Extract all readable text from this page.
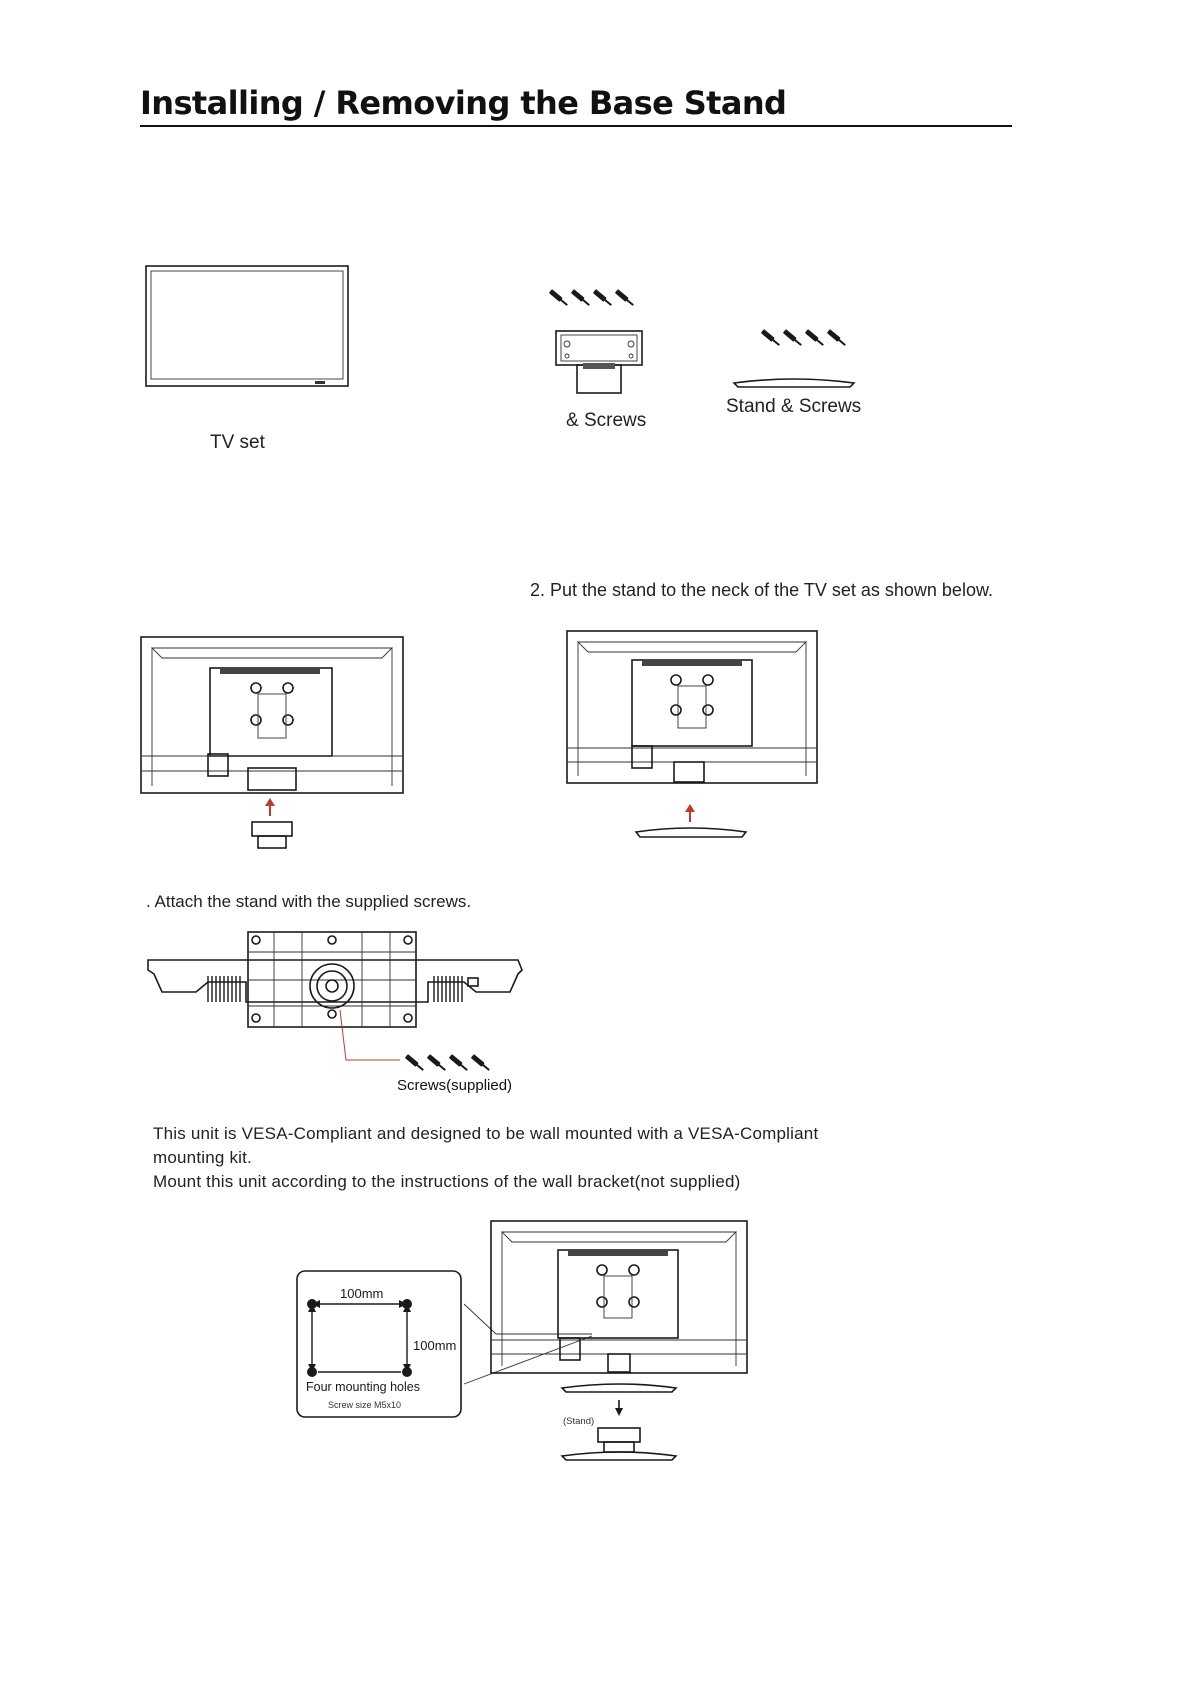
Installing / Removing the Base Stand
TV set
& Screws
Stand & Screws
2. Put the stand to the neck of the TV set as shown below.
. Attach the stand with the supplied screws.
Screws(supplied)
This unit is VESA-Compliant and designed to be wall mounted with a VESA-Compliant
mounting kit.
Mount this unit according to the instructions of the wall bracket(not supplied)
100mm
100mm
Four mounting holes
Screw size M5x10
(Stand)
